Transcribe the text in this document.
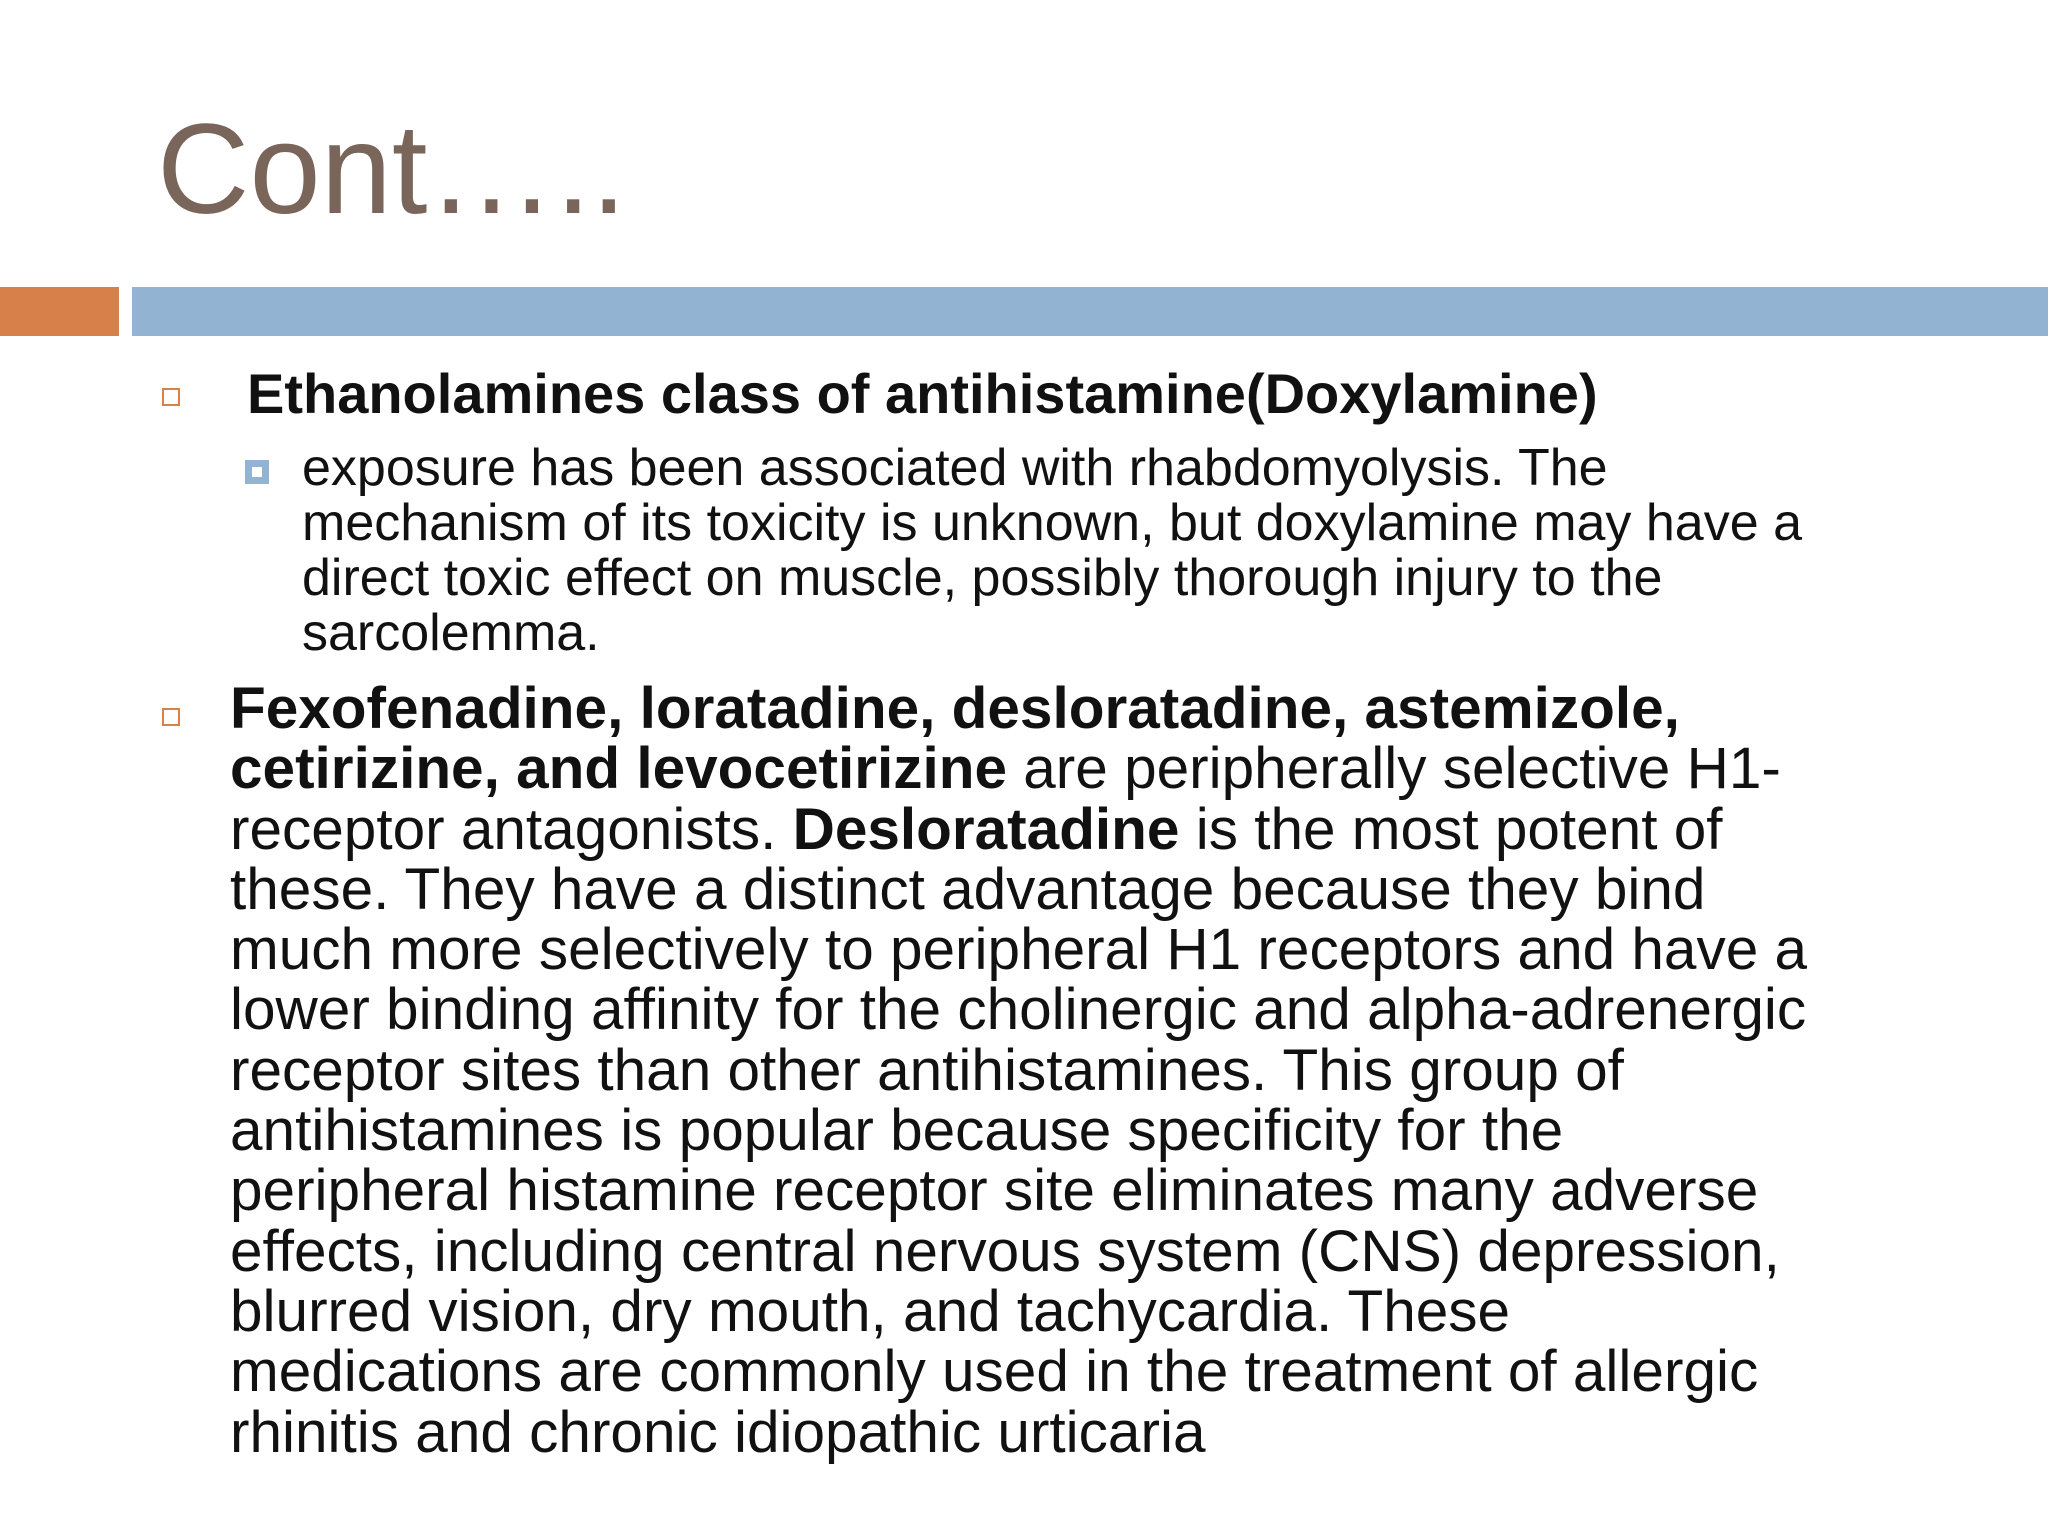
Cont…..
Ethanolamines class of antihistamine(Doxylamine)
exposure has been associated with rhabdomyolysis. The
mechanism of its toxicity is unknown, but doxylamine may have a
direct toxic effect on muscle, possibly thorough injury to the
sarcolemma.
Fexofenadine, loratadine, desloratadine, astemizole,
cetirizine, and levocetirizine are peripherally selective H1-
receptor antagonists. Desloratadine is the most potent of
these. They have a distinct advantage because they bind
much more selectively to peripheral H1 receptors and have a
lower binding affinity for the cholinergic and alpha-adrenergic
receptor sites than other antihistamines. This group of
antihistamines is popular because specificity for the
peripheral histamine receptor site eliminates many adverse
effects, including central nervous system (CNS) depression,
blurred vision, dry mouth, and tachycardia. These
medications are commonly used in the treatment of allergic
rhinitis and chronic idiopathic urticaria
